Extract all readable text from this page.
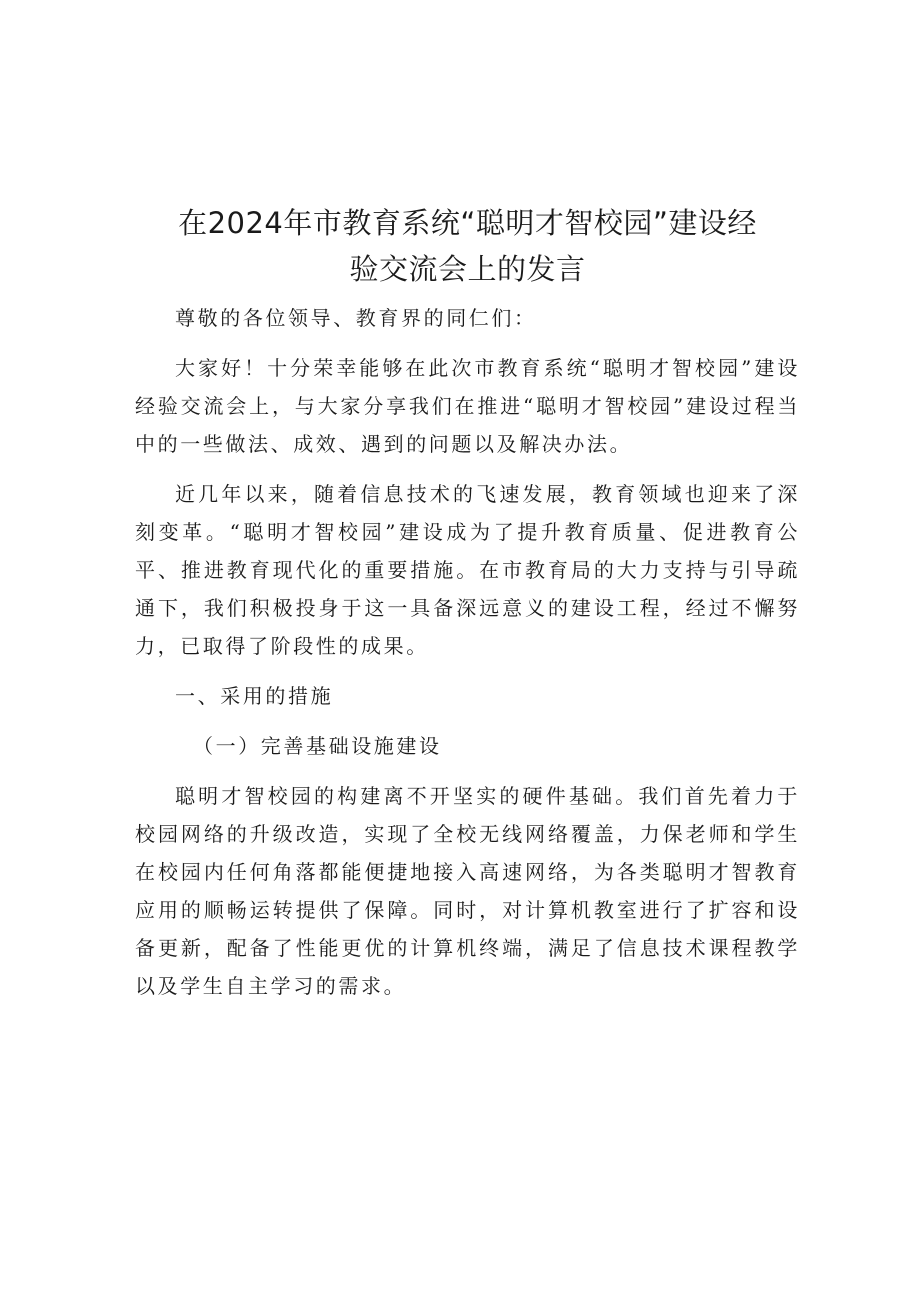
在2024年市教育系统“聪明才智校园”建设经
验交流会上的发言

尊敬的各位领导、教育界的同仁们：

大家好！十分荣幸能够在此次市教育系统“聪明才智校园”建设经验交流会上，与大家分享我们在推进“聪明才智校园”建设过程当中的一些做法、成效、遇到的问题以及解决办法。

近几年以来，随着信息技术的飞速发展，教育领域也迎来了深刻变革。“聪明才智校园”建设成为了提升教育质量、促进教育公平、推进教育现代化的重要措施。在市教育局的大力支持与引导疏通下，我们积极投身于这一具备深远意义的建设工程，经过不懈努力，已取得了阶段性的成果。

一、采用的措施

（一）完善基础设施建设

聪明才智校园的构建离不开坚实的硬件基础。我们首先着力于校园网络的升级改造，实现了全校无线网络覆盖，力保老师和学生在校园内任何角落都能便捷地接入高速网络，为各类聪明才智教育应用的顺畅运转提供了保障。同时，对计算机教室进行了扩容和设备更新，配备了性能更优的计算机终端，满足了信息技术课程教学以及学生自主学习的需求。
